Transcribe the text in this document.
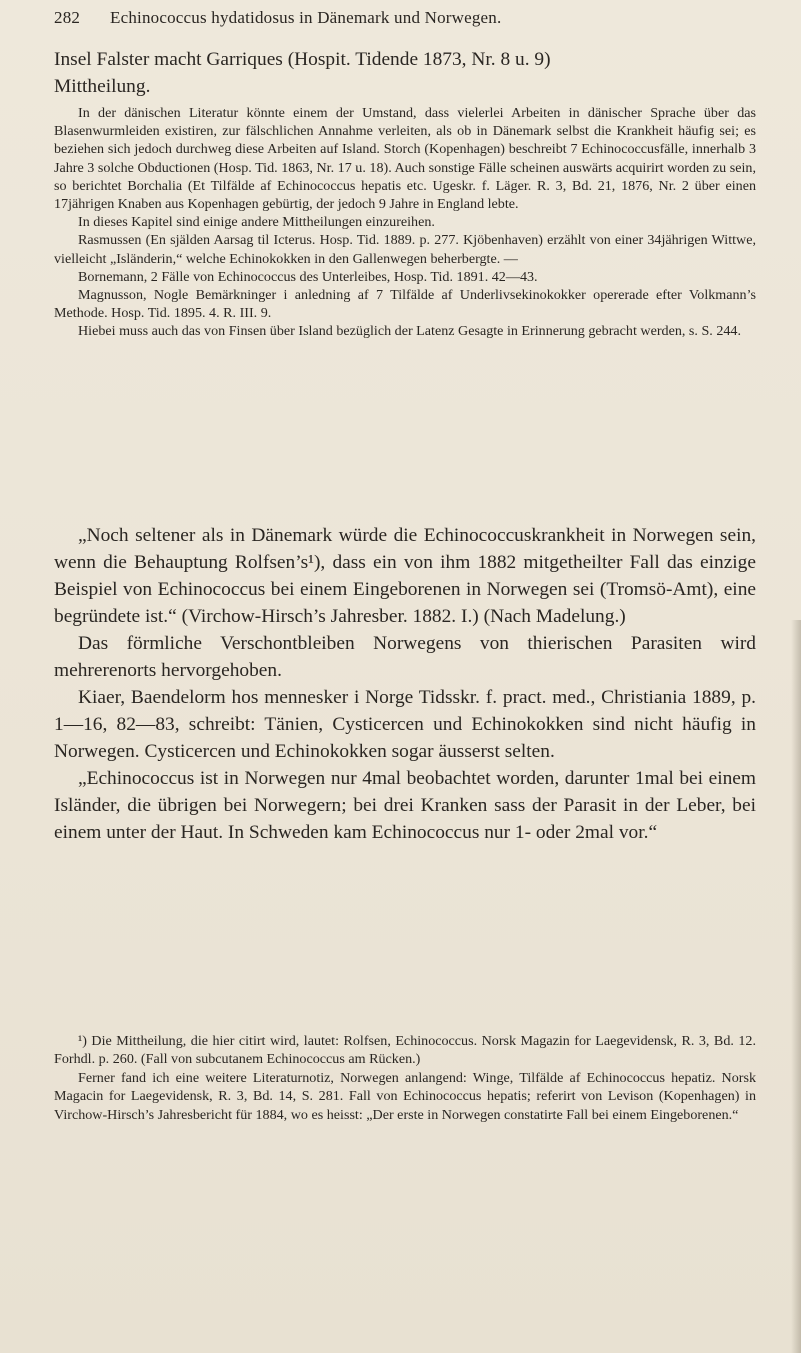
282 Echinococcus hydatidosus in Dänemark und Norwegen.

Insel Falster macht Garriques (Hospit. Tidende 1873, Nr. 8 u. 9)

Mittheilung.

In der dänischen Literatur könnte einem der Umstand, dass vielerlei Arbeiten in dänischer Sprache über das Blasenwurmleiden existiren, zur fälschlichen Annahme verleiten, als ob in Dänemark selbst die Krankheit häufig sei; es beziehen sich jedoch durchweg diese Arbeiten auf Island. Storch (Kopenhagen) beschreibt 7 Echinococcusfälle, innerhalb 3 Jahre 3 solche Obductionen (Hosp. Tid. 1863, Nr. 17 u. 18). Auch sonstige Fälle scheinen auswärts acquirirt worden zu sein, so berichtet Borchalia (Et Tilfälde af Echinococcus hepatis etc. Ugeskr. f. Läger. R. 3, Bd. 21, 1876, Nr. 2 über einen 17jährigen Knaben aus Kopenhagen gebürtig, der jedoch 9 Jahre in England lebte.

In dieses Kapitel sind einige andere Mittheilungen einzureihen.

Rasmussen (En själden Aarsag til Icterus. Hosp. Tid. 1889. p. 277. Kjöbenhaven) erzählt von einer 34jährigen Wittwe, vielleicht „Isländerin,“ welche Echinokokken in den Gallenwegen beherbergte. —

Bornemann, 2 Fälle von Echinococcus des Unterleibes, Hosp. Tid. 1891. 42—43.

Magnusson, Nogle Bemärkninger i anledning af 7 Tilfälde af Underlivsekinokokker opererade efter Volkmann’s Methode. Hosp. Tid. 1895. 4. R. III. 9.

Hiebei muss auch das von Finsen über Island bezüglich der Latenz Gesagte in Erinnerung gebracht werden, s. S. 244.

„Noch seltener als in Dänemark würde die Echinococcuskrankheit in Norwegen sein, wenn die Behauptung Rolfsen’s¹), dass ein von ihm 1882 mitgetheilter Fall das einzige Beispiel von Echinococcus bei einem Eingeborenen in Norwegen sei (Tromsö-Amt), eine begründete ist.“ (Virchow-Hirsch’s Jahresber. 1882. I.) (Nach Madelung.)

Das förmliche Verschontbleiben Norwegens von thierischen Parasiten wird mehrerenorts hervorgehoben.

Kiaer, Baendelorm hos mennesker i Norge Tidsskr. f. pract. med., Christiania 1889, p. 1—16, 82—83, schreibt: Tänien, Cysticercen und Echinokokken sind nicht häufig in Norwegen. Cysticercen und Echinokokken sogar äusserst selten.

„Echinococcus ist in Norwegen nur 4mal beobachtet worden, darunter 1mal bei einem Isländer, die übrigen bei Norwegern; bei drei Kranken sass der Parasit in der Leber, bei einem unter der Haut. In Schweden kam Echinococcus nur 1- oder 2mal vor.“

¹) Die Mittheilung, die hier citirt wird, lautet: Rolfsen, Echinococcus. Norsk Magazin for Laegevidensk, R. 3, Bd. 12. Forhdl. p. 260. (Fall von subcutanem Echinococcus am Rücken.)

Ferner fand ich eine weitere Literaturnotiz, Norwegen anlangend: Winge, Tilfälde af Echinococcus hepatiz. Norsk Magacin for Laegevidensk, R. 3, Bd. 14, S. 281. Fall von Echinococcus hepatis; referirt von Levison (Kopenhagen) in Virchow-Hirsch’s Jahresbericht für 1884, wo es heisst: „Der erste in Norwegen constatirte Fall bei einem Eingeborenen.“
